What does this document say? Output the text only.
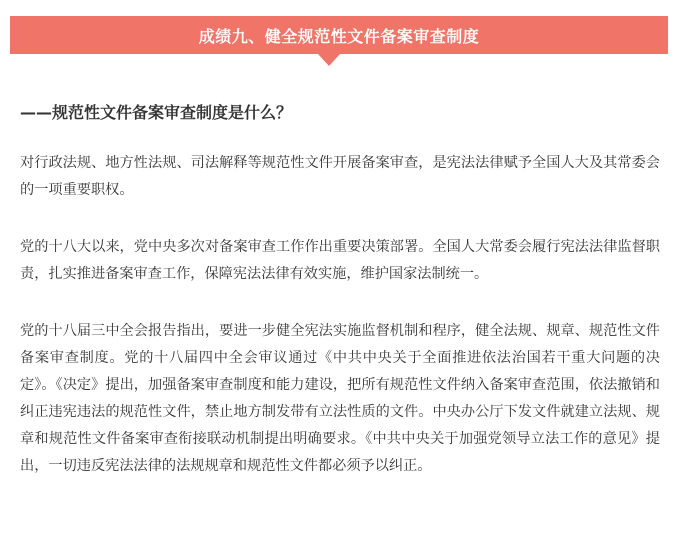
成绩九、健全规范性文件备案审查制度
——规范性文件备案审查制度是什么？

对行政法规、地方性法规、司法解释等规范性文件开展备案审查，是宪法法律赋予全国人大及其常委会的一项重要职权。

党的十八大以来，党中央多次对备案审查工作作出重要决策部署。全国人大常委会履行宪法法律监督职责，扎实推进备案审查工作，保障宪法法律有效实施，维护国家法制统一。

党的十八届三中全会报告指出，要进一步健全宪法实施监督机制和程序，健全法规、规章、规范性文件备案审查制度。党的十八届四中全会审议通过《中共中央关于全面推进依法治国若干重大问题的决定》。《决定》提出，加强备案审查制度和能力建设，把所有规范性文件纳入备案审查范围，依法撤销和纠正违宪违法的规范性文件，禁止地方制发带有立法性质的文件。中央办公厅下发文件就建立法规、规章和规范性文件备案审查衔接联动机制提出明确要求。《中共中央关于加强党领导立法工作的意见》提出，一切违反宪法法律的法规规章和规范性文件都必须予以纠正。
